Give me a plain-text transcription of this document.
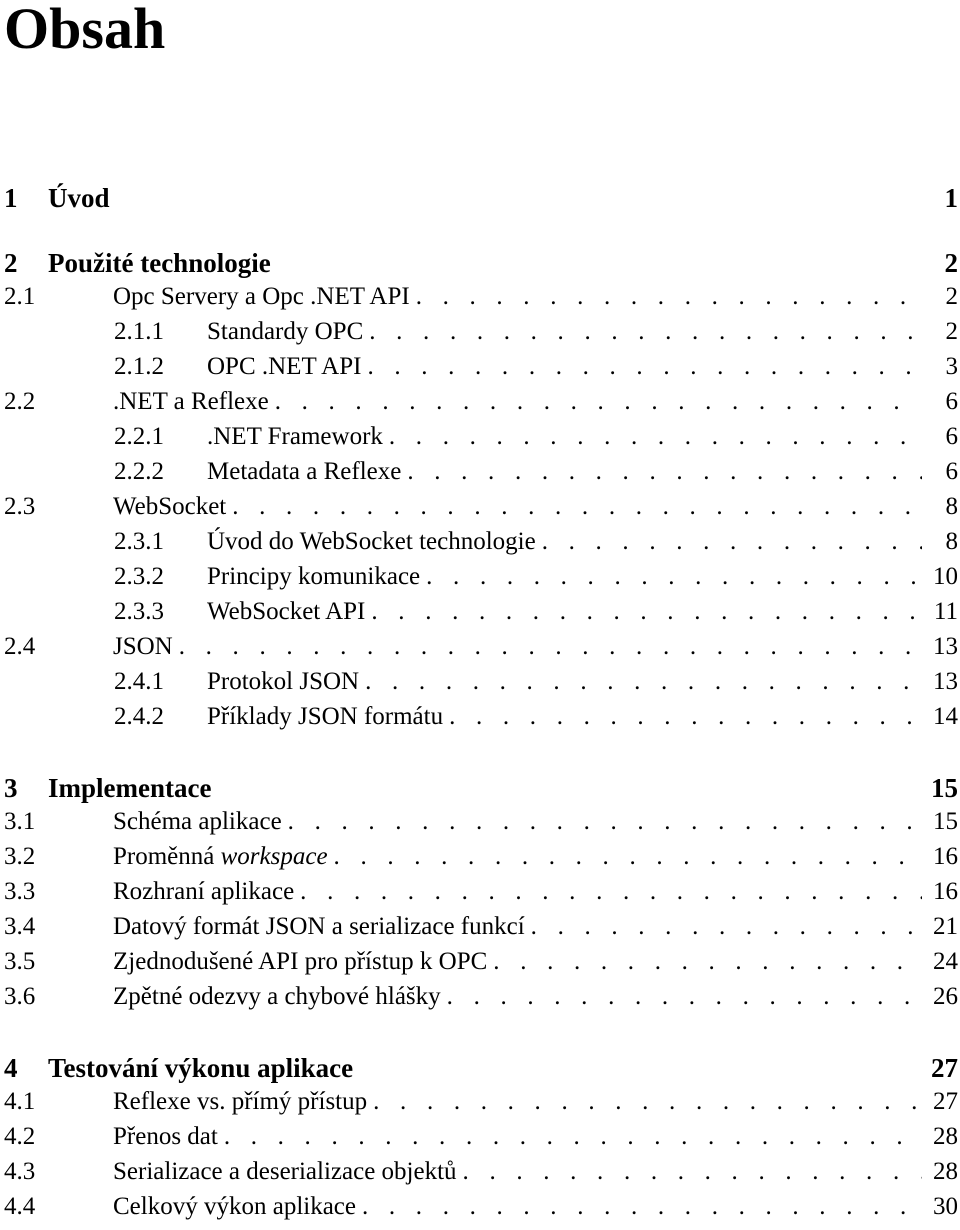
Obsah
1	Úvod	1
2	Použité technologie	2
2.1	Opc Servery a Opc .NET API . . .	2
2.1.1	Standardy OPC . . .	2
2.1.2	OPC .NET API . . .	3
2.2	.NET a Reflexe . . .	6
2.2.1	.NET Framework . . .	6
2.2.2	Metadata a Reflexe . . .	6
2.3	WebSocket . . .	8
2.3.1	Úvod do WebSocket technologie . . .	8
2.3.2	Principy komunikace . . .	10
2.3.3	WebSocket API . . .	11
2.4	JSON . . .	13
2.4.1	Protokol JSON . . .	13
2.4.2	Příklady JSON formátu . . .	14
3	Implementace	15
3.1	Schéma aplikace . . .	15
3.2	Proměnná workspace . . .	16
3.3	Rozhraní aplikace . . .	16
3.4	Datový formát JSON a serializace funkcí . . .	21
3.5	Zjednodušené API pro přístup k OPC . . .	24
3.6	Zpětné odezvy a chybové hlášky . . .	26
4	Testování výkonu aplikace	27
4.1	Reflexe vs. přímý přístup . . .	27
4.2	Přenos dat . . .	28
4.3	Serializace a deserializace objektů . . .	28
4.4	Celkový výkon aplikace . . .	30
